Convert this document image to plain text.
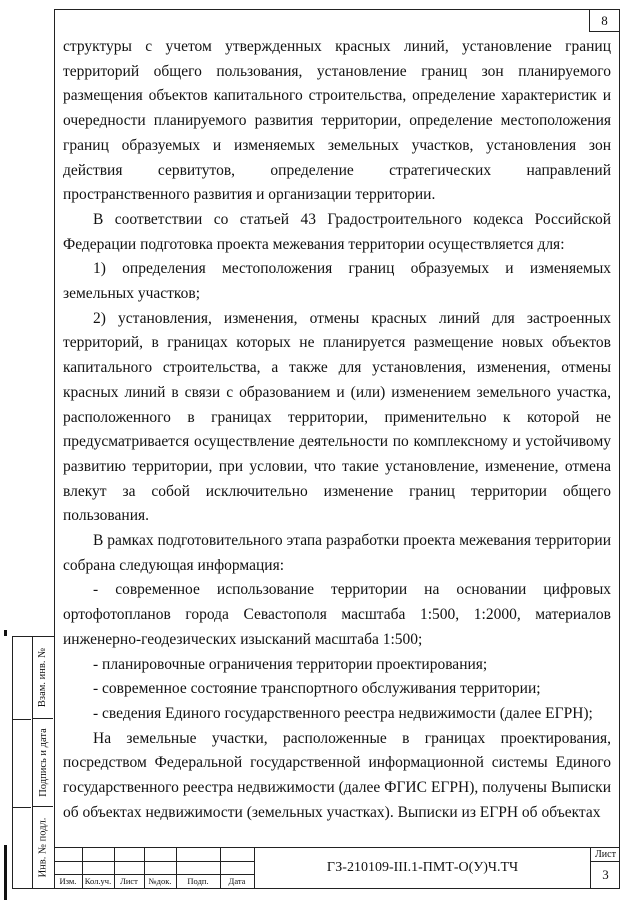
8

структуры с учетом утвержденных красных линий, установление границ территорий общего пользования, установление границ зон планируемого размещения объектов капитального строительства, определение характеристик и очередности планируемого развития территории, определение местоположения границ образуемых и изменяемых земельных участков, установления зон действия сервитутов, определение стратегических направлений пространственного развития и организации территории.

В соответствии со статьей 43 Градостроительного кодекса Российской Федерации подготовка проекта межевания территории осуществляется для:

1) определения местоположения границ образуемых и изменяемых земельных участков;

2) установления, изменения, отмены красных линий для застроенных территорий, в границах которых не планируется размещение новых объектов капитального строительства, а также для установления, изменения, отмены красных линий в связи с образованием и (или) изменением земельного участка, расположенного в границах территории, применительно к которой не предусматривается осуществление деятельности по комплексному и устойчивому развитию территории, при условии, что такие установление, изменение, отмена влекут за собой исключительно изменение границ территории общего пользования.

В рамках подготовительного этапа разработки проекта межевания территории собрана следующая информация:

- современное использование территории на основании цифровых ортофотопланов города Севастополя масштаба 1:500, 1:2000, материалов инженерно-геодезических изысканий масштаба 1:500;

- планировочные ограничения территории проектирования;

- современное состояние транспортного обслуживания территории;

- сведения Единого государственного реестра недвижимости (далее ЕГРН);

На земельные участки, расположенные в границах проектирования, посредством Федеральной государственной информационной системы Единого государственного реестра недвижимости (далее ФГИС ЕГРН), получены Выписки об объектах недвижимости (земельных участках). Выписки из ЕГРН об объектах

Взам. инв. №
Подпись и дата
Инв. № подл.
Изм. Кол.уч.	Лист	№док.	Подп.	Дата
ГЗ-210109-III.1-ПМТ-О(У)Ч.ТЧ
Лист
3
